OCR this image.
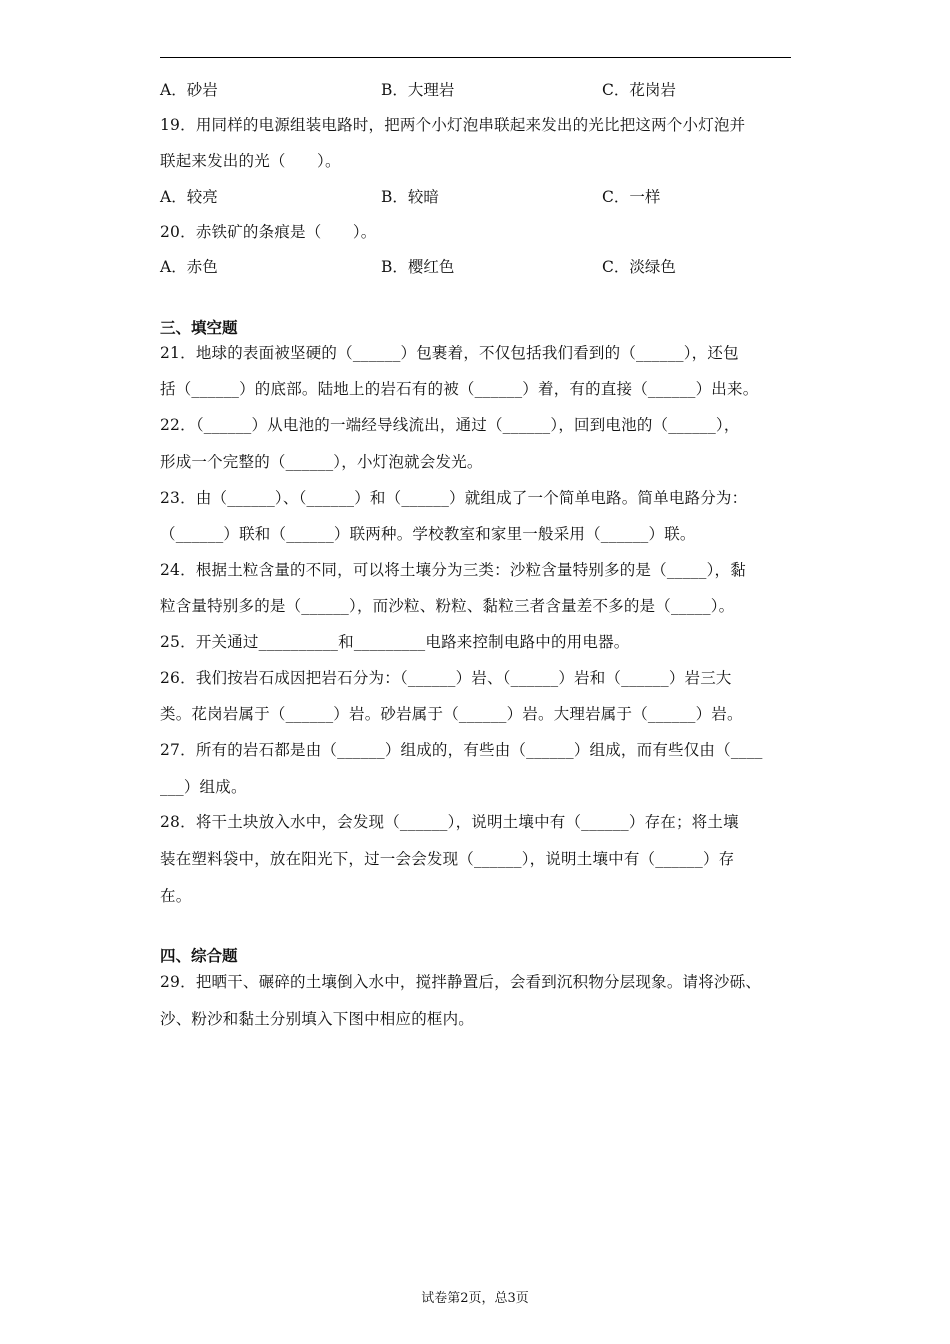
A．砂岩	B．大理岩	C．花岗岩
19．用同样的电源组装电路时，把两个小灯泡串联起来发出的光比把这两个小灯泡并
联起来发出的光（　　）。
A．较亮	B．较暗	C．一样
20．赤铁矿的条痕是（　　）。
A．赤色	B．樱红色	C．淡绿色
三、填空题
21．地球的表面被坚硬的（______）包裹着，不仅包括我们看到的（______），还包
括（______）的底部。陆地上的岩石有的被（______）着，有的直接（______）出来。
22．（______）从电池的一端经导线流出，通过（______），回到电池的（______），
形成一个完整的（______），小灯泡就会发光。
23．由（______）、（______）和（______）就组成了一个简单电路。简单电路分为：
（______）联和（______）联两种。学校教室和家里一般采用（______）联。
24．根据土粒含量的不同，可以将土壤分为三类：沙粒含量特别多的是（_____），黏
粒含量特别多的是（______），而沙粒、粉粒、黏粒三者含量差不多的是（_____）。
25．开关通过__________和_________电路来控制电路中的用电器。
26．我们按岩石成因把岩石分为：（______）岩、（______）岩和（______）岩三大
类。花岗岩属于（______）岩。砂岩属于（______）岩。大理岩属于（______）岩。
27．所有的岩石都是由（______）组成的，有些由（______）组成，而有些仅由（____
___）组成。
28．将干土块放入水中，会发现（______），说明土壤中有（______）存在；将土壤
装在塑料袋中，放在阳光下，过一会会发现（______），说明土壤中有（______）存
在。
四、综合题
29．把晒干、碾碎的土壤倒入水中，搅拌静置后，会看到沉积物分层现象。请将沙砾、
沙、粉沙和黏土分别填入下图中相应的框内。
试卷第2页，总3页
